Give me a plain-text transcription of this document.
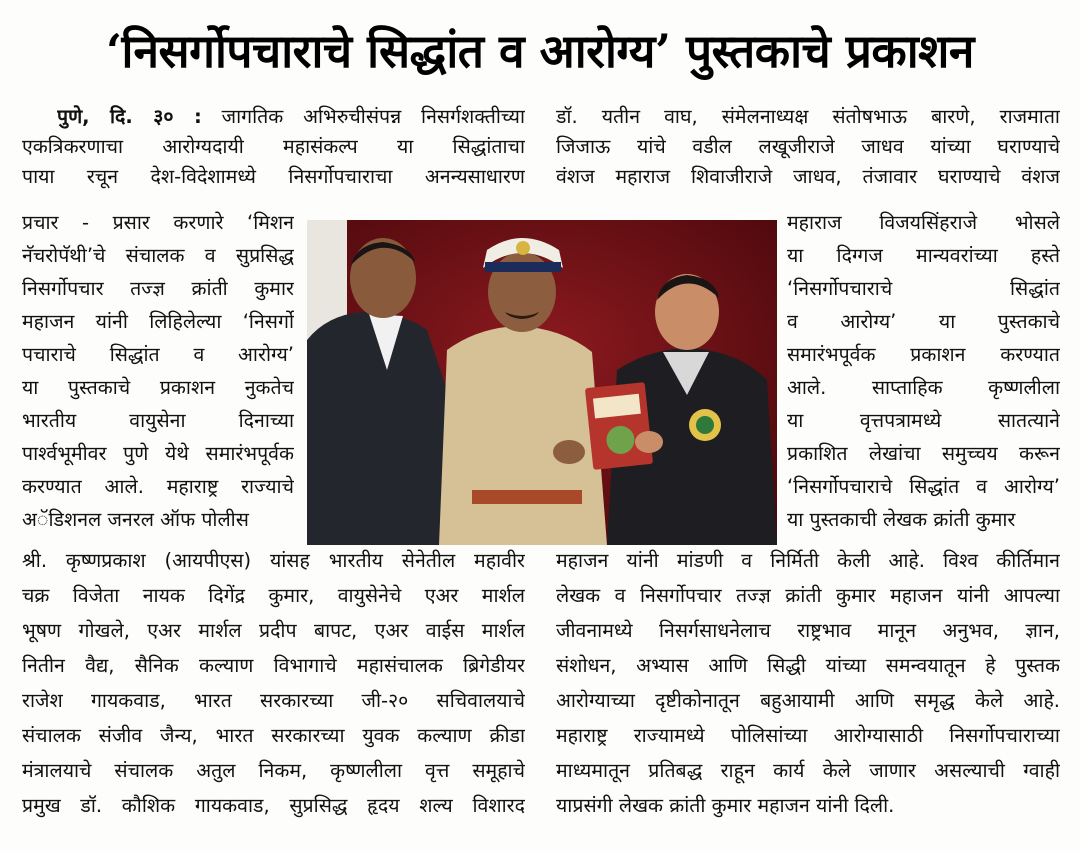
‘निसर्गोपचाराचे सिद्धांत व आरोग्य’ पुस्तकाचे प्रकाशन
पुणे, दि. ३० : जागतिक अभिरुचीसंपन्न निसर्गशक्तीच्या
एकत्रिकरणाचा आरोग्यदायी महासंकल्प या सिद्धांताचा
पाया रचून देश-विदेशामध्ये निसर्गोपचाराचा अनन्यसाधारण
प्रचार - प्रसार करणारे ‘मिशन
नॅचरोपॅथी’चे संचालक व सुप्रसिद्ध
निसर्गोपचार तज्ज्ञ क्रांती कुमार
महाजन यांनी लिहिलेल्या ‘निसर्गो
पचाराचे सिद्धांत व आरोग्य’
या पुस्तकाचे प्रकाशन नुकतेच
भारतीय वायुसेना दिनाच्या
पार्श्वभूमीवर पुणे येथे समारंभपूर्वक
करण्यात आले. महाराष्ट्र राज्याचे
अॅडिशनल जनरल ऑफ पोलीस
श्री. कृष्णप्रकाश (आयपीएस) यांसह भारतीय सेनेतील महावीर
चक्र विजेता नायक दिगेंद्र कुमार, वायुसेनेचे एअर मार्शल
भूषण गोखले, एअर मार्शल प्रदीप बापट, एअर वाईस मार्शल
नितीन वैद्य, सैनिक कल्याण विभागाचे महासंचालक ब्रिगेडीयर
राजेश गायकवाड, भारत सरकारच्या जी-२० सचिवालयाचे
संचालक संजीव जैन्य, भारत सरकारच्या युवक कल्याण क्रीडा
मंत्रालयाचे संचालक अतुल निकम, कृष्णलीला वृत्त समूहाचे
प्रमुख डॉ. कौशिक गायकवाड, सुप्रसिद्ध हृदय शल्य विशारद
डॉ. यतीन वाघ, संमेलनाध्यक्ष संतोषभाऊ बारणे, राजमाता
जिजाऊ यांचे वडील लखूजीराजे जाधव यांच्या घराण्याचे
वंशज महाराज शिवाजीराजे जाधव, तंजावार घराण्याचे वंशज
महाराज विजयसिंहराजे भोसले
या दिग्गज मान्यवरांच्या हस्ते
‘निसर्गोपचाराचे सिद्धांत
व आरोग्य’ या पुस्तकाचे
समारंभपूर्वक प्रकाशन करण्यात
आले. साप्ताहिक कृष्णलीला
या वृत्तपत्रामध्ये सातत्याने
प्रकाशित लेखांचा समुच्चय करून
‘निसर्गोपचाराचे सिद्धांत व आरोग्य’
या पुस्तकाची लेखक क्रांती कुमार
महाजन यांनी मांडणी व निर्मिती केली आहे. विश्व कीर्तिमान
लेखक व निसर्गोपचार तज्ज्ञ क्रांती कुमार महाजन यांनी आपल्या
जीवनामध्ये निसर्गसाधनेलाच राष्ट्रभाव मानून अनुभव, ज्ञान,
संशोधन, अभ्यास आणि सिद्धी यांच्या समन्वयातून हे पुस्तक
आरोग्याच्या दृष्टीकोनातून बहुआयामी आणि समृद्ध केले आहे.
महाराष्ट्र राज्यामध्ये पोलिसांच्या आरोग्यासाठी निसर्गोपचाराच्या
माध्यमातून प्रतिबद्ध राहून कार्य केले जाणार असल्याची ग्वाही
याप्रसंगी लेखक क्रांती कुमार महाजन यांनी दिली.
